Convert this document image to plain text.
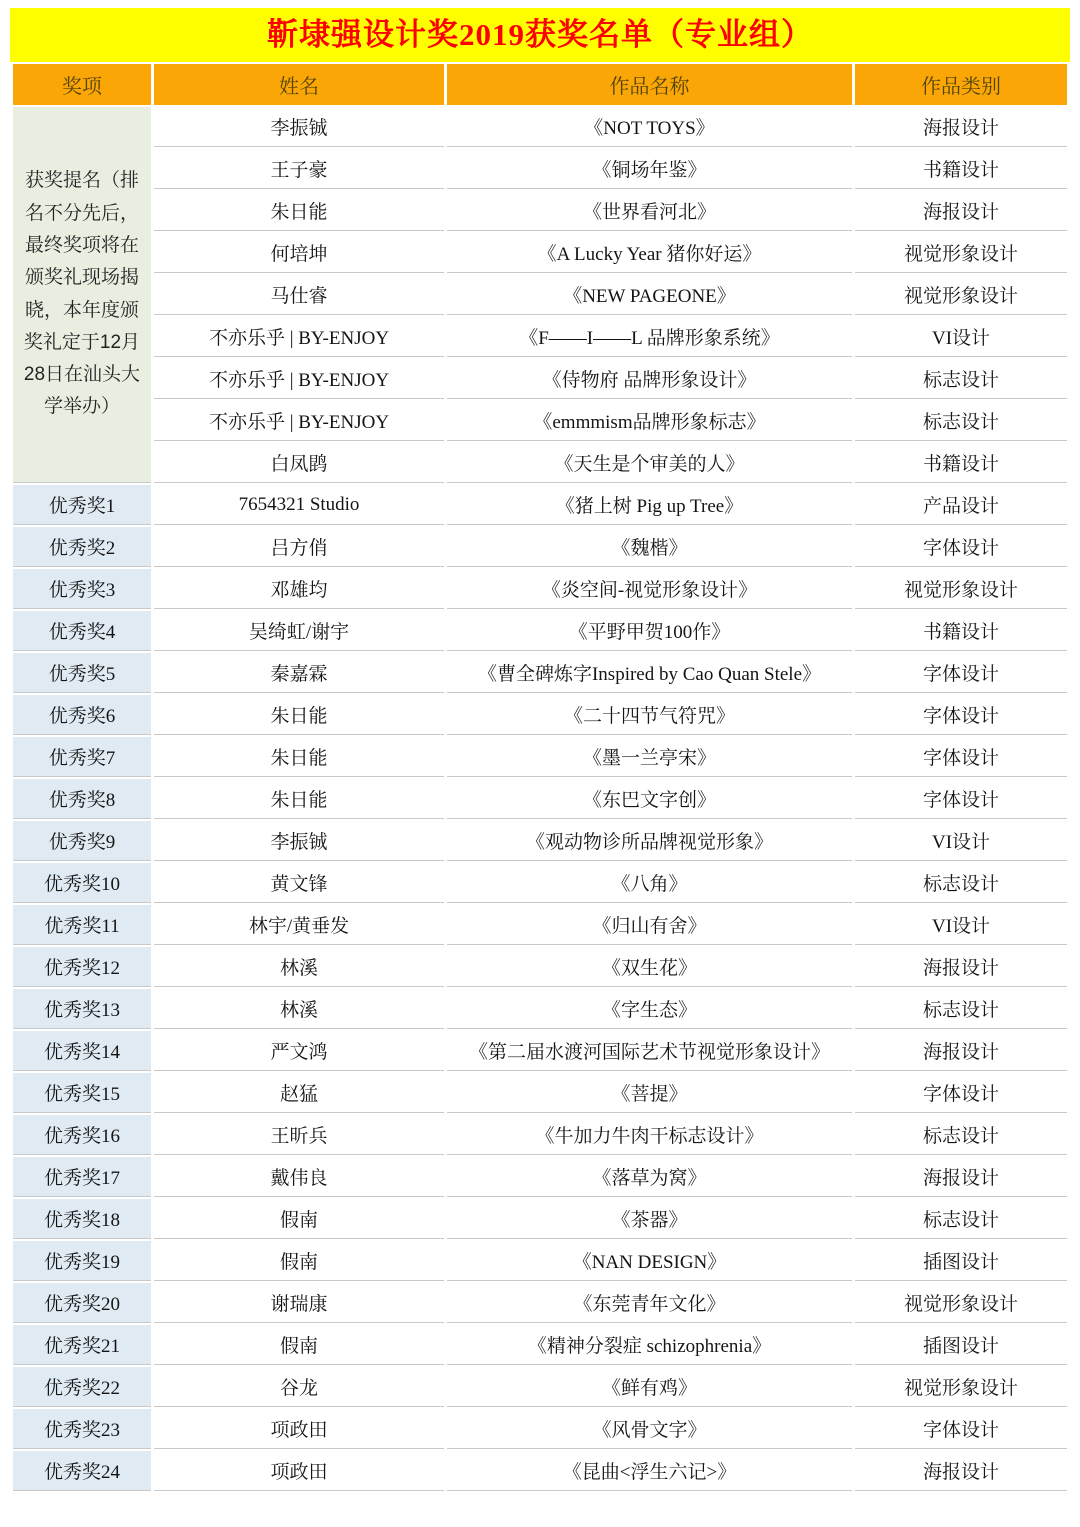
靳埭强设计奖2019获奖名单（专业组）
奖项	姓名	作品名称	作品类别
获奖提名（排名不分先后，最终奖项将在颁奖礼现场揭晓，本年度颁奖礼定于12月28日在汕头大学举办）	李振铖	《NOT TOYS》	海报设计
	王子豪	《铜场年鉴》	书籍设计
	朱日能	《世界看河北》	海报设计
	何培坤	《A Lucky Year 猪你好运》	视觉形象设计
	马仕睿	《NEW PAGEONE》	视觉形象设计
	不亦乐乎 | BY-ENJOY	《F——I——L 品牌形象系统》	VI设计
	不亦乐乎 | BY-ENJOY	《侍物府 品牌形象设计》	标志设计
	不亦乐乎 | BY-ENJOY	《emmmism品牌形象标志》	标志设计
	白凤鹍	《天生是个审美的人》	书籍设计
优秀奖1	7654321 Studio	《猪上树 Pig up Tree》	产品设计
优秀奖2	吕方俏	《魏楷》	字体设计
优秀奖3	邓雄均	《炎空间-视觉形象设计》	视觉形象设计
优秀奖4	吴绮虹/谢宇	《平野甲贺100作》	书籍设计
优秀奖5	秦嘉霖	《曹全碑炼字Inspired by Cao Quan Stele》	字体设计
优秀奖6	朱日能	《二十四节气符咒》	字体设计
优秀奖7	朱日能	《墨一兰亭宋》	字体设计
优秀奖8	朱日能	《东巴文字创》	字体设计
优秀奖9	李振铖	《观动物诊所品牌视觉形象》	VI设计
优秀奖10	黄文锋	《八角》	标志设计
优秀奖11	林宇/黄垂发	《归山有舍》	VI设计
优秀奖12	林溪	《双生花》	海报设计
优秀奖13	林溪	《字生态》	标志设计
优秀奖14	严文鸿	《第二届水渡河国际艺术节视觉形象设计》	海报设计
优秀奖15	赵猛	《菩提》	字体设计
优秀奖16	王昕兵	《牛加力牛肉干标志设计》	标志设计
优秀奖17	戴伟良	《落草为窝》	海报设计
优秀奖18	假南	《茶器》	标志设计
优秀奖19	假南	《NAN DESIGN》	插图设计
优秀奖20	谢瑞康	《东莞青年文化》	视觉形象设计
优秀奖21	假南	《精神分裂症 schizophrenia》	插图设计
优秀奖22	谷龙	《鲜有鸡》	视觉形象设计
优秀奖23	项政田	《风骨文字》	字体设计
优秀奖24	项政田	《昆曲<浮生六记>》	海报设计
